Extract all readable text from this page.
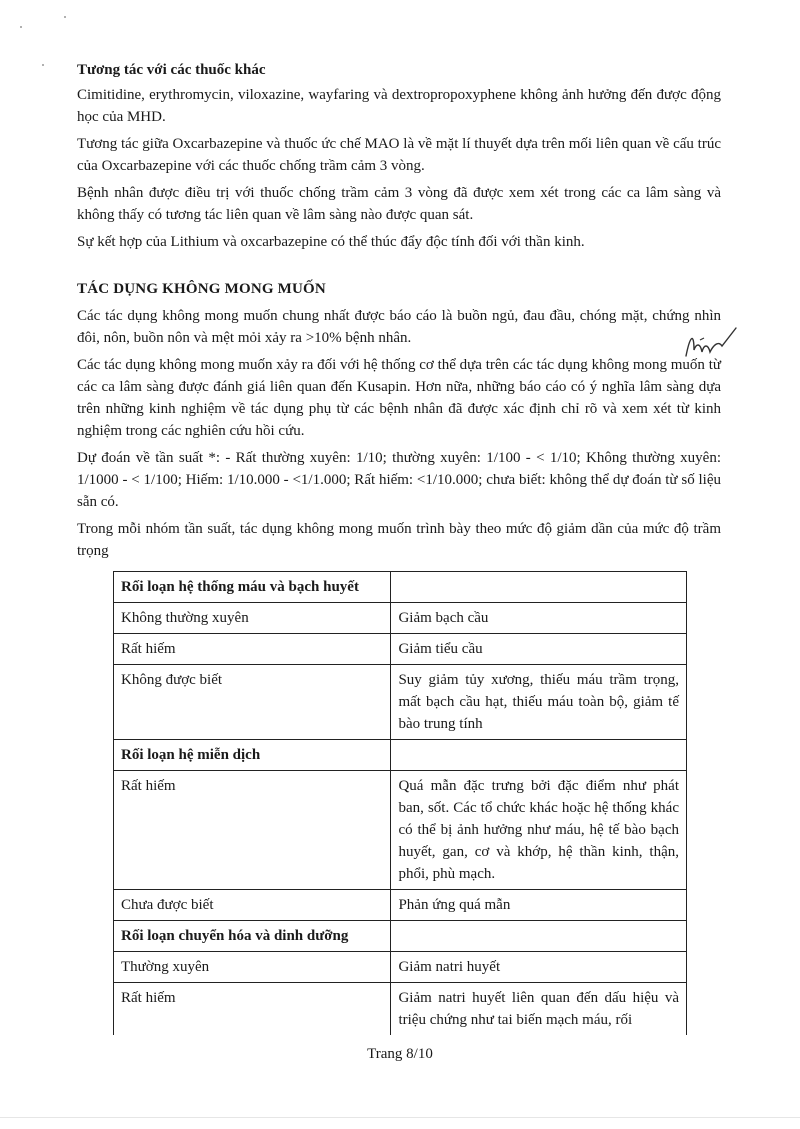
Tương tác với các thuốc khác

Cimitidine, erythromycin, viloxazine, wayfaring và dextropropoxyphene không ảnh hưởng đến được động học của MHD.

Tương tác giữa Oxcarbazepine và thuốc ức chế MAO là về mặt lí thuyết dựa trên mối liên quan về cấu trúc của Oxcarbazepine với các thuốc chống trầm cảm 3 vòng.

Bệnh nhân được điều trị với thuốc chống trầm cảm 3 vòng đã được xem xét trong các ca lâm sàng và không thấy có tương tác liên quan về lâm sàng nào được quan sát.

Sự kết hợp của Lithium và oxcarbazepine có thể thúc đẩy độc tính đối với thần kinh.

TÁC DỤNG KHÔNG MONG MUỐN

Các tác dụng không mong muốn chung nhất được báo cáo là buồn ngủ, đau đầu, chóng mặt, chứng nhìn đôi, nôn, buồn nôn và mệt mỏi xảy ra >10% bệnh nhân.

Các tác dụng không mong muốn xảy ra đối với hệ thống cơ thể dựa trên các tác dụng không mong muốn từ các ca lâm sàng được đánh giá liên quan đến Kusapin. Hơn nữa, những báo cáo có ý nghĩa lâm sàng dựa trên những kinh nghiệm về tác dụng phụ từ các bệnh nhân đã được xác định chỉ rõ và xem xét từ kinh nghiệm trong các nghiên cứu hồi cứu.

Dự đoán về tần suất *: - Rất thường xuyên: 1/10; thường xuyên: 1/100 - < 1/10; Không thường xuyên: 1/1000 - < 1/100; Hiếm: 1/10.000 - <1/1.000; Rất hiếm: <1/10.000; chưa biết: không thể dự đoán từ số liệu sẵn có.

Trong mỗi nhóm tần suất, tác dụng không mong muốn trình bày theo mức độ giảm dần của mức độ trầm trọng

Rối loạn hệ thống máu và bạch huyết	
Không thường xuyên	Giảm bạch cầu
Rất hiếm	Giảm tiểu cầu
Không được biết	Suy giảm tủy xương, thiếu máu trầm trọng, mất bạch cầu hạt, thiếu máu toàn bộ, giảm tế bào trung tính
Rối loạn hệ miễn dịch	
Rất hiếm	Quá mẫn đặc trưng bởi đặc điểm như phát ban, sốt. Các tổ chức khác hoặc hệ thống khác có thể bị ảnh hưởng như máu, hệ tế bào bạch huyết, gan, cơ và khớp, hệ thần kinh, thận, phổi, phù mạch.
Chưa được biết	Phản ứng quá mẫn
Rối loạn chuyển hóa và dinh dưỡng	
Thường xuyên	Giảm natri huyết
Rất hiếm	Giảm natri huyết liên quan đến dấu hiệu và triệu chứng như tai biến mạch máu, rối
Trang 8/10
